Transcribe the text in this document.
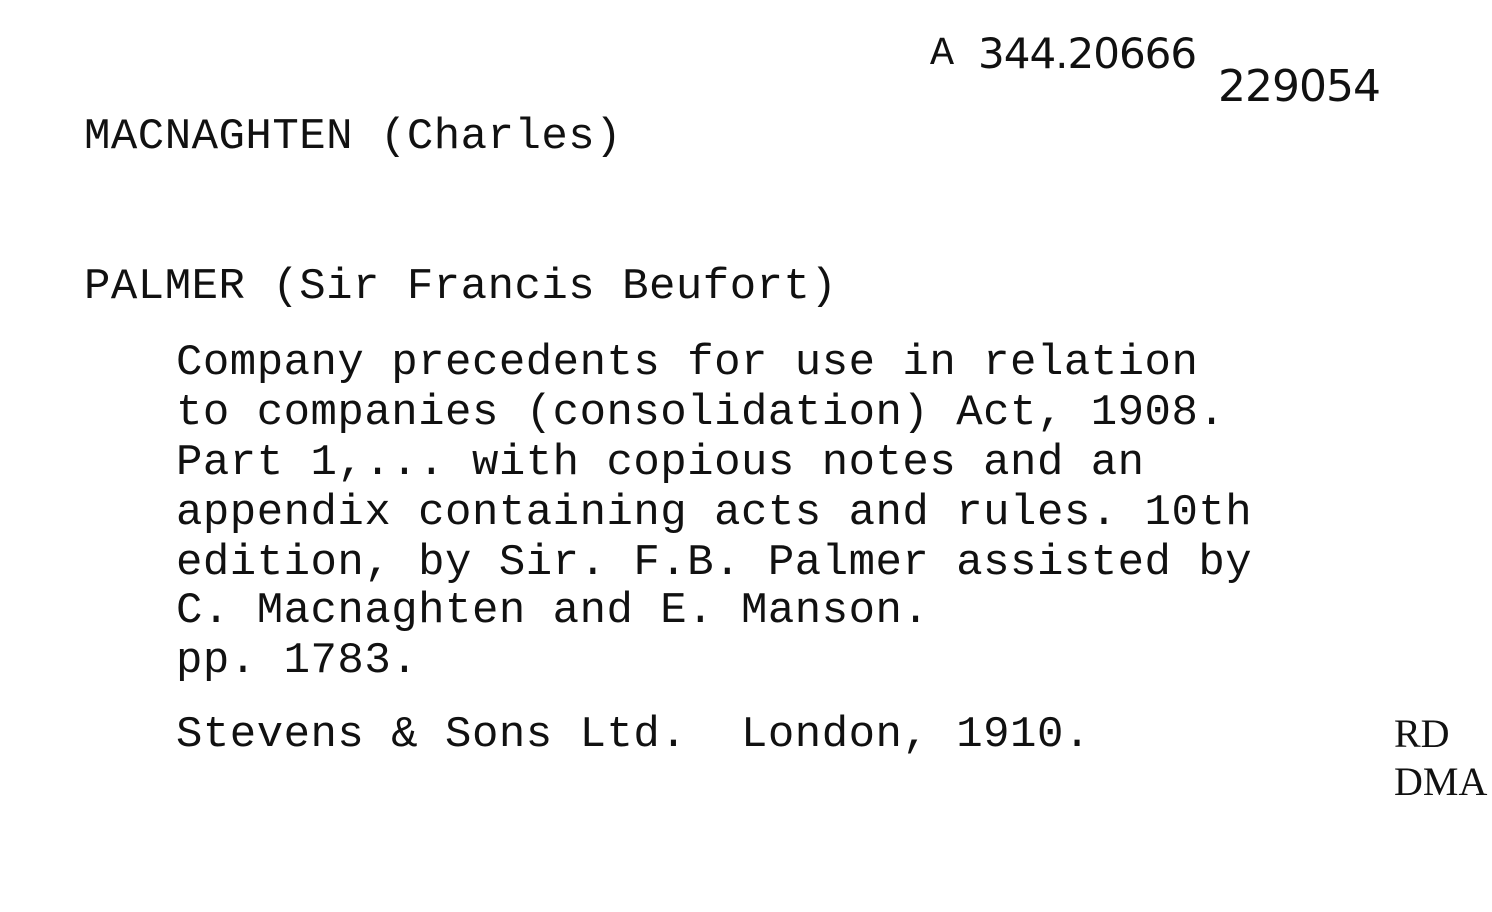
A 344.20666
229054
MACNAGHTEN (Charles)
PALMER (Sir Francis Beufort)
Company precedents for use in relation
to companies (consolidation) Act, 1908.
Part 1,... with copious notes and an
appendix containing acts and rules. 10th
edition, by Sir. F.B. Palmer assisted by
C. Macnaghten and E. Manson.
pp. 1783.
Stevens & Sons Ltd.  London, 1910.	RD
DMA
